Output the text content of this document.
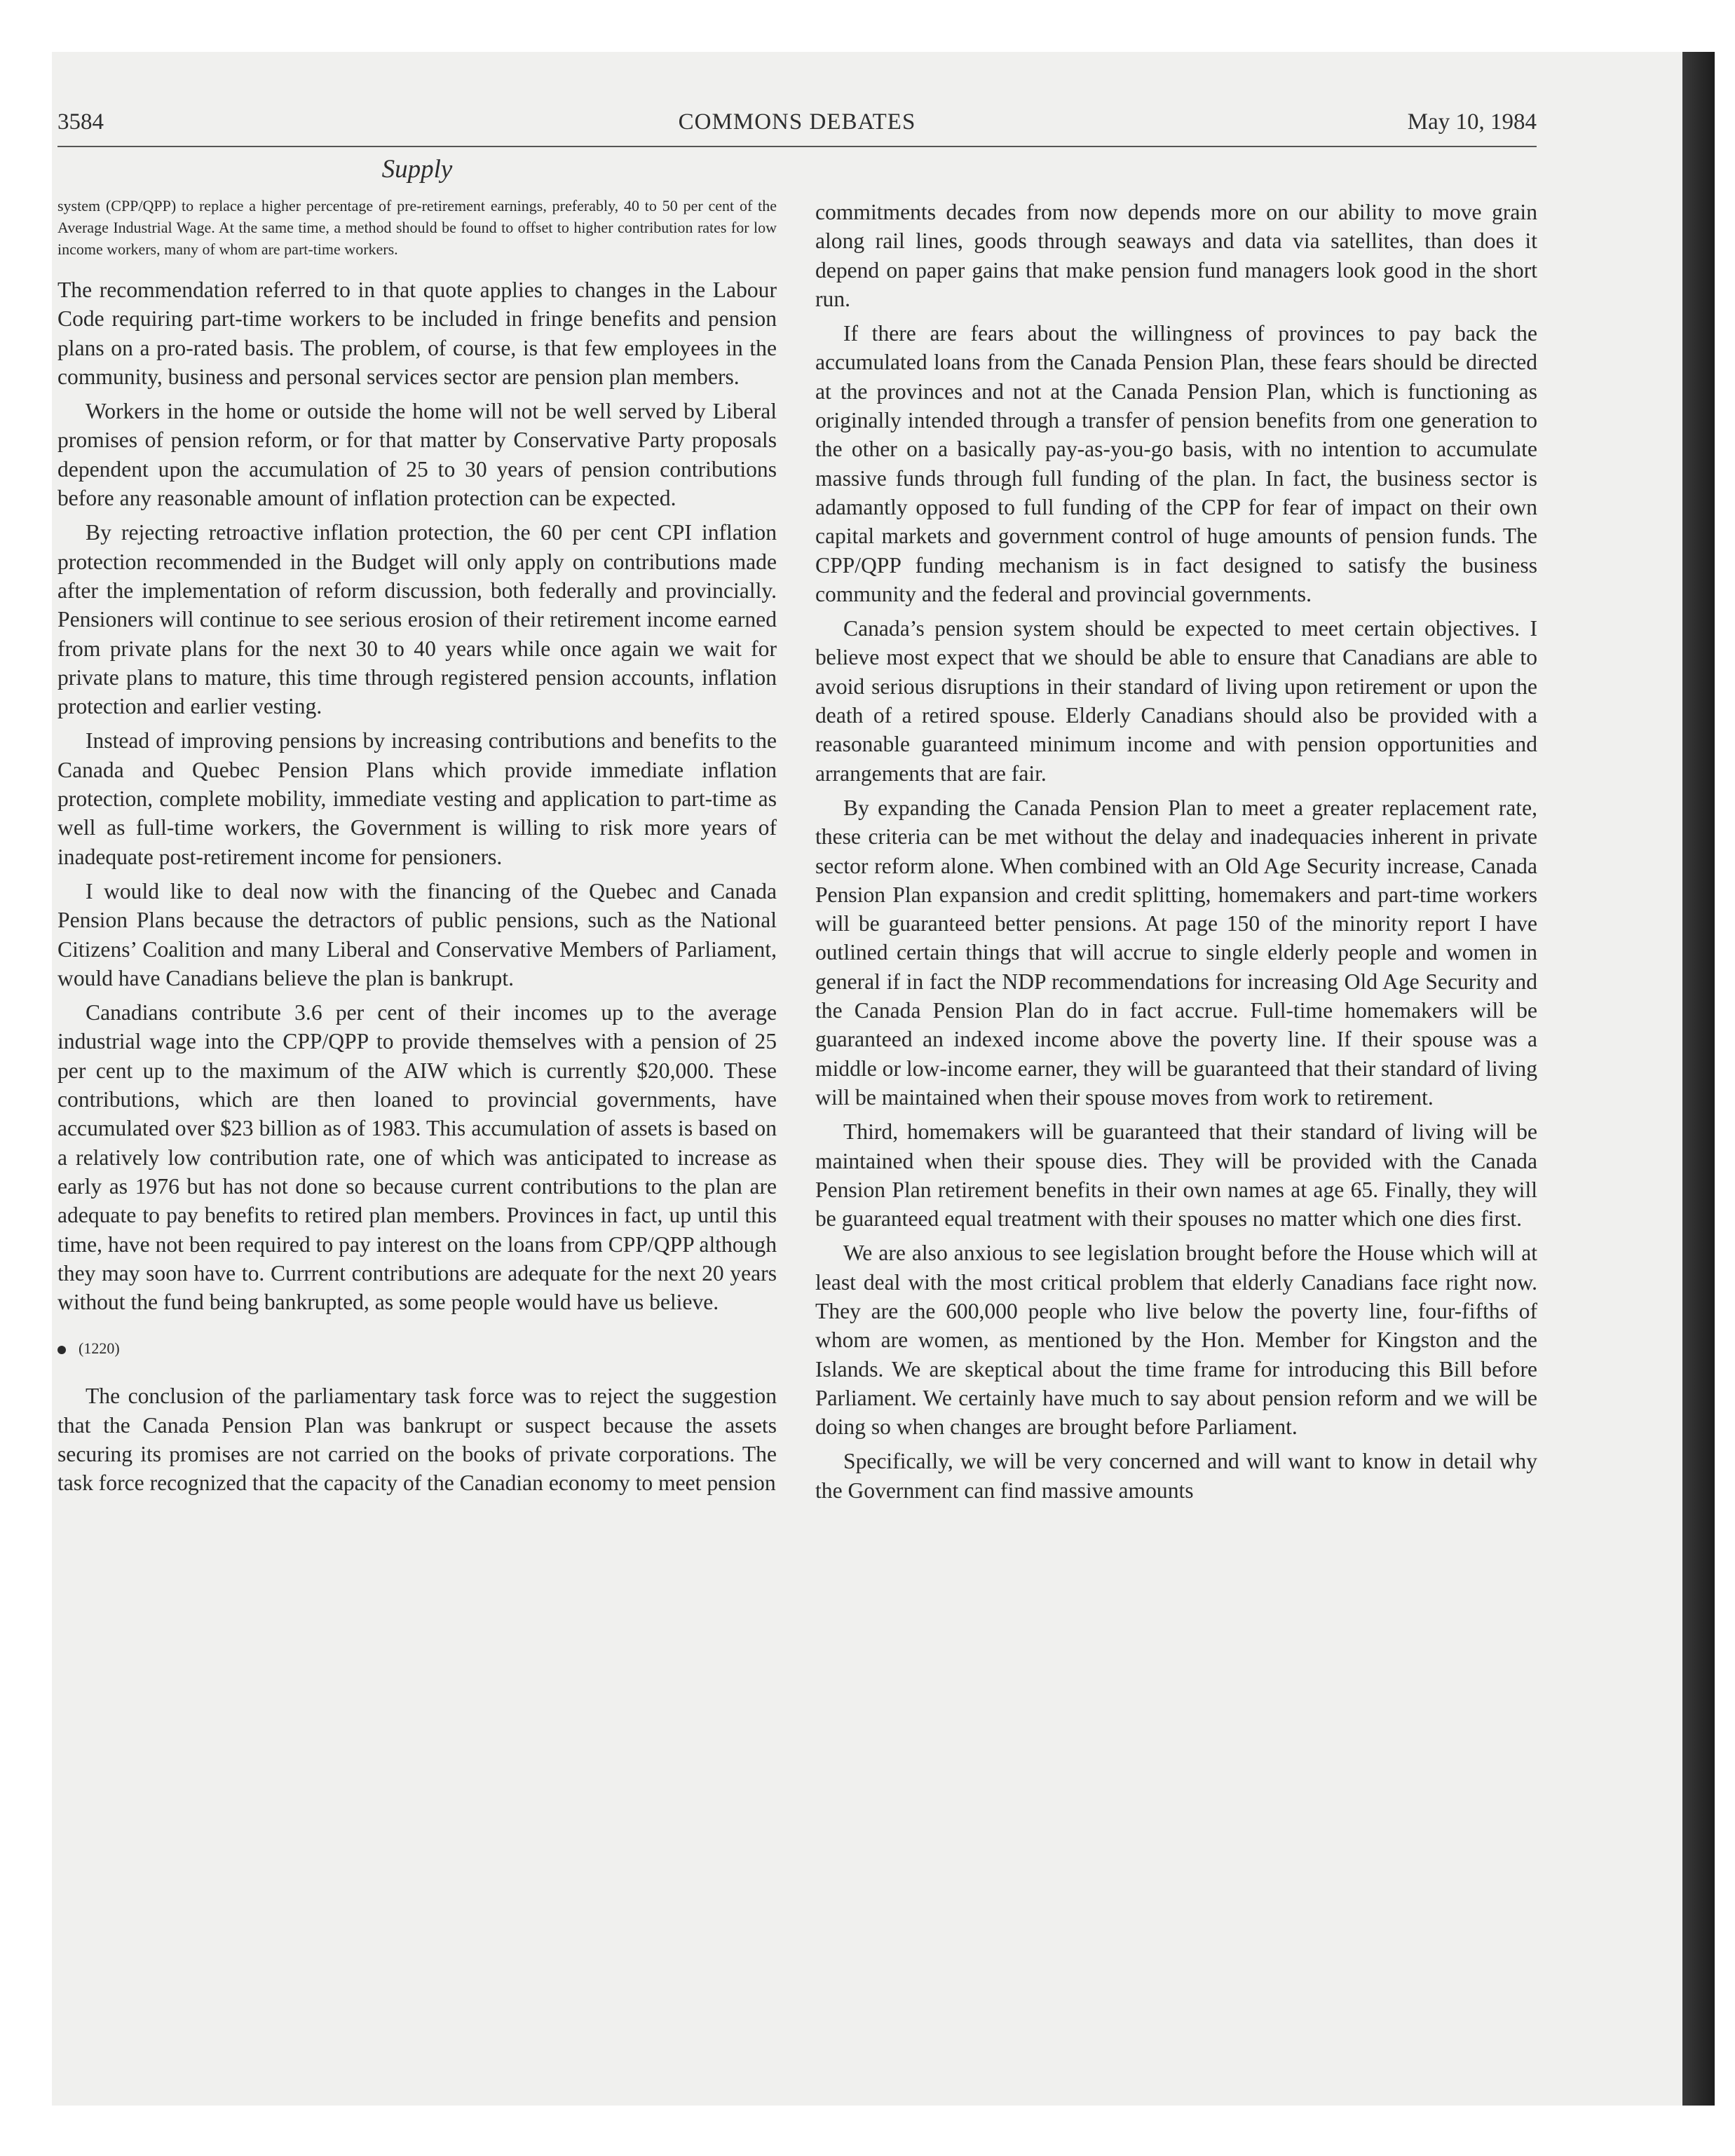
3584	COMMONS DEBATES	May 10, 1984
Supply

system (CPP/QPP) to replace a higher percentage of pre-retirement earnings, preferably, 40 to 50 per cent of the Average Industrial Wage. At the same time, a method should be found to offset to higher contribution rates for low income workers, many of whom are part-time workers.

The recommendation referred to in that quote applies to changes in the Labour Code requiring part-time workers to be included in fringe benefits and pension plans on a pro-rated basis. The problem, of course, is that few employees in the community, business and personal services sector are pension plan members.

Workers in the home or outside the home will not be well served by Liberal promises of pension reform, or for that matter by Conservative Party proposals dependent upon the accumulation of 25 to 30 years of pension contributions before any reasonable amount of inflation protection can be expected.

By rejecting retroactive inflation protection, the 60 per cent CPI inflation protection recommended in the Budget will only apply on contributions made after the implementation of reform discussion, both federally and provincially. Pensioners will continue to see serious erosion of their retirement income earned from private plans for the next 30 to 40 years while once again we wait for private plans to mature, this time through registered pension accounts, inflation protection and earlier vesting.

Instead of improving pensions by increasing contributions and benefits to the Canada and Quebec Pension Plans which provide immediate inflation protection, complete mobility, immediate vesting and application to part-time as well as full-time workers, the Government is willing to risk more years of inadequate post-retirement income for pensioners.

I would like to deal now with the financing of the Quebec and Canada Pension Plans because the detractors of public pensions, such as the National Citizens’ Coalition and many Liberal and Conservative Members of Parliament, would have Canadians believe the plan is bankrupt.

Canadians contribute 3.6 per cent of their incomes up to the average industrial wage into the CPP/QPP to provide themselves with a pension of 25 per cent up to the maximum of the AIW which is currently $20,000. These contributions, which are then loaned to provincial governments, have accumulated over $23 billion as of 1983. This accumulation of assets is based on a relatively low contribution rate, one of which was anticipated to increase as early as 1976 but has not done so because current contributions to the plan are adequate to pay benefits to retired plan members. Provinces in fact, up until this time, have not been required to pay interest on the loans from CPP/QPP although they may soon have to. Currrent contributions are adequate for the next 20 years without the fund being bankrupted, as some people would have us believe.

(1220)

The conclusion of the parliamentary task force was to reject the suggestion that the Canada Pension Plan was bankrupt or suspect because the assets securing its promises are not carried on the books of private corporations. The task force recognized that the capacity of the Canadian economy to meet pension

commitments decades from now depends more on our ability to move grain along rail lines, goods through seaways and data via satellites, than does it depend on paper gains that make pension fund managers look good in the short run.

If there are fears about the willingness of provinces to pay back the accumulated loans from the Canada Pension Plan, these fears should be directed at the provinces and not at the Canada Pension Plan, which is functioning as originally intended through a transfer of pension benefits from one generation to the other on a basically pay-as-you-go basis, with no intention to accumulate massive funds through full funding of the plan. In fact, the business sector is adamantly opposed to full funding of the CPP for fear of impact on their own capital markets and government control of huge amounts of pension funds. The CPP/QPP funding mechanism is in fact designed to satisfy the business community and the federal and provincial governments.

Canada’s pension system should be expected to meet certain objectives. I believe most expect that we should be able to ensure that Canadians are able to avoid serious disruptions in their standard of living upon retirement or upon the death of a retired spouse. Elderly Canadians should also be provided with a reasonable guaranteed minimum income and with pension opportunities and arrangements that are fair.

By expanding the Canada Pension Plan to meet a greater replacement rate, these criteria can be met without the delay and inadequacies inherent in private sector reform alone. When combined with an Old Age Security increase, Canada Pension Plan expansion and credit splitting, homemakers and part-time workers will be guaranteed better pensions. At page 150 of the minority report I have outlined certain things that will accrue to single elderly people and women in general if in fact the NDP recommendations for increasing Old Age Security and the Canada Pension Plan do in fact accrue. Full-time homemakers will be guaranteed an indexed income above the poverty line. If their spouse was a middle or low-income earner, they will be guaranteed that their standard of living will be maintained when their spouse moves from work to retirement.

Third, homemakers will be guaranteed that their standard of living will be maintained when their spouse dies. They will be provided with the Canada Pension Plan retirement benefits in their own names at age 65. Finally, they will be guaranteed equal treatment with their spouses no matter which one dies first.

We are also anxious to see legislation brought before the House which will at least deal with the most critical problem that elderly Canadians face right now. They are the 600,000 people who live below the poverty line, four-fifths of whom are women, as mentioned by the Hon. Member for Kingston and the Islands. We are skeptical about the time frame for introducing this Bill before Parliament. We certainly have much to say about pension reform and we will be doing so when changes are brought before Parliament.

Specifically, we will be very concerned and will want to know in detail why the Government can find massive amounts
